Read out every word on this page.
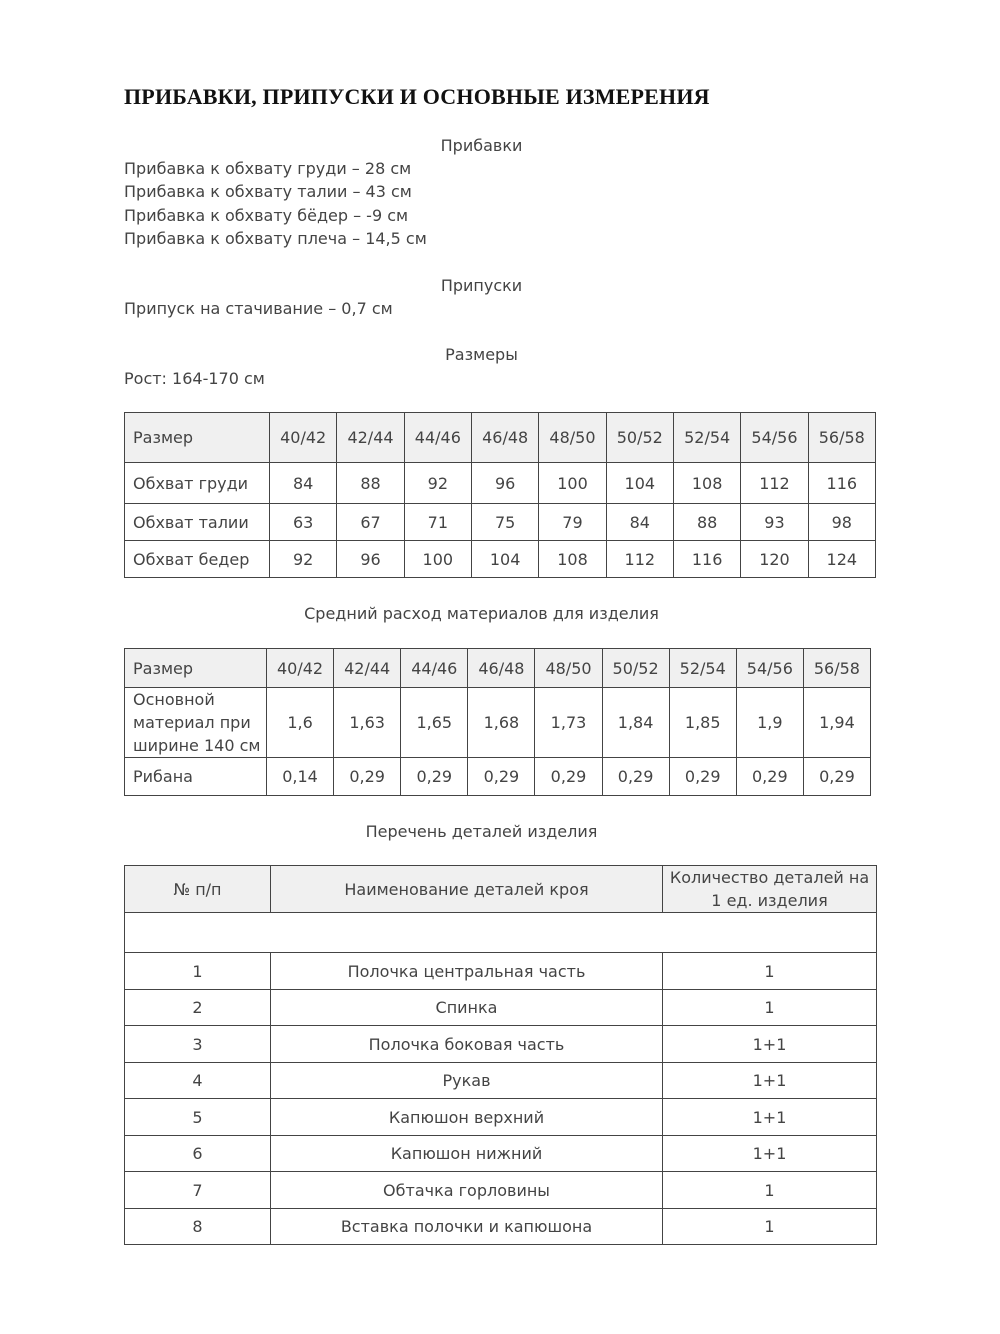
ПРИБАВКИ, ПРИПУСКИ И ОСНОВНЫЕ ИЗМЕРЕНИЯ
Прибавки
Прибавка к обхвату груди – 28 см
Прибавка к обхвату талии – 43 см
Прибавка к обхвату бёдер – -9 см
Прибавка к обхвату плеча – 14,5 см
Припуски
Припуск на стачивание – 0,7 см
Размеры
Рост: 164-170 см
Размер	40/42	42/44	44/46	46/48	48/50	50/52	52/54	54/56	56/58
Обхват груди	84	88	92	96	100	104	108	112	116
Обхват талии	63	67	71	75	79	84	88	93	98
Обхват бедер	92	96	100	104	108	112	116	120	124
Средний расход материалов для изделия
Размер	40/42	42/44	44/46	46/48	48/50	50/52	52/54	54/56	56/58

Основной
материал при
ширине 140 см	1,6	1,63	1,65	1,68	1,73	1,84	1,85	1,9	1,94
Рибана	0,14	0,29	0,29	0,29	0,29	0,29	0,29	0,29	0,29
Перечень деталей изделия
№ п/п	Наименование деталей кроя	Количество деталей на
1 ед. изделия

1	Полочка центральная часть	1
2	Спинка	1
3	Полочка боковая часть	1+1
4	Рукав	1+1
5	Капюшон верхний	1+1
6	Капюшон нижний	1+1
7	Обтачка горловины	1
8	Вставка полочки и капюшона	1
